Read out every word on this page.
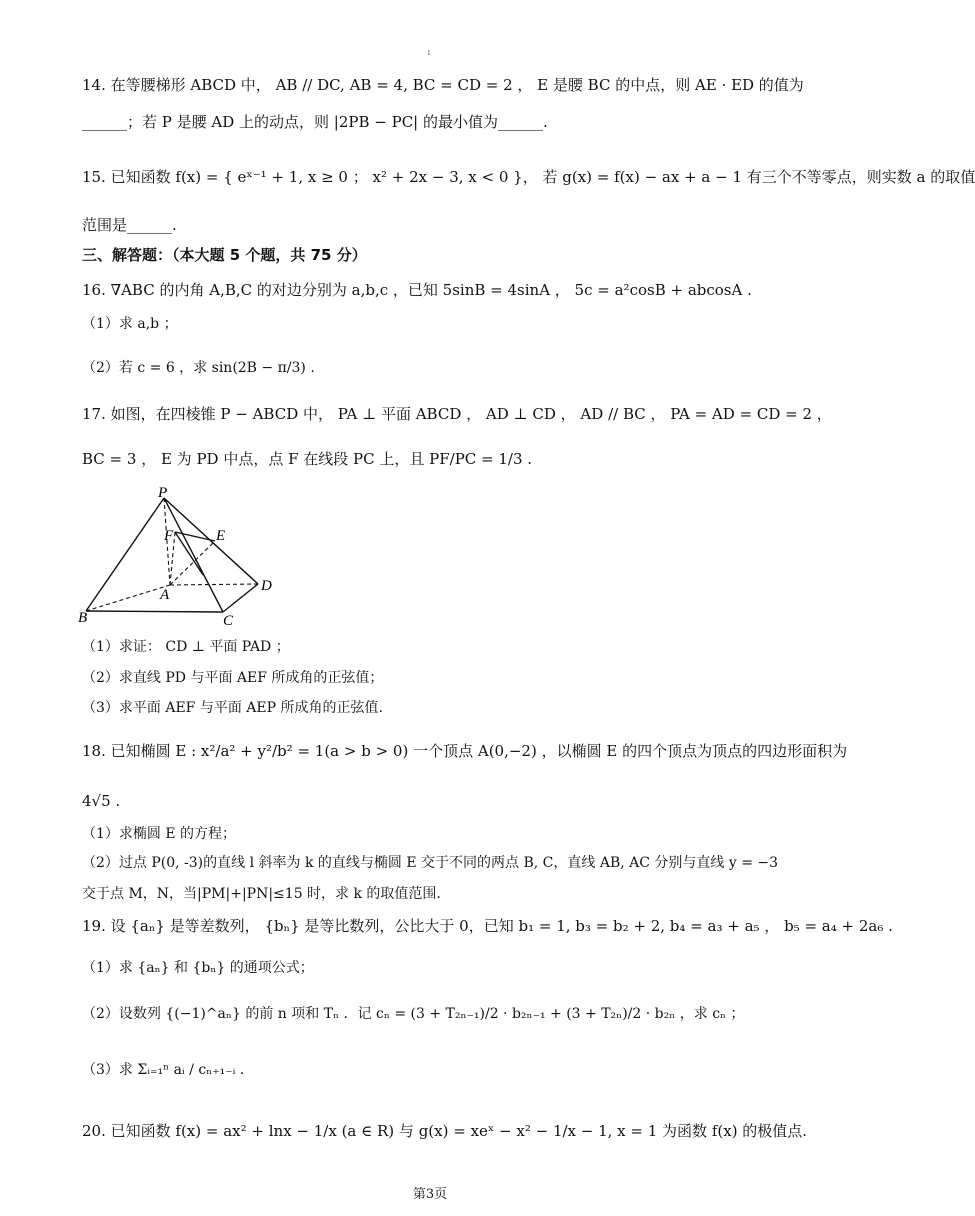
1
14. 在等腰梯形 ABCD 中， AB // DC, AB = 4, BC = CD = 2 ， E 是腰 BC 的中点，则 AE · ED 的值为
______；若 P 是腰 AD 上的动点，则 |2PB − PC| 的最小值为______.
15. 已知函数 f(x) = { eˣ⁻¹ + 1, x ≥ 0 ； x² + 2x − 3, x < 0 }， 若 g(x) = f(x) − ax + a − 1 有三个不等零点，则实数 a 的取值
范围是______.
三、解答题：（本大题 5 个题，共 75 分）
16. ∇ABC 的内角 A,B,C 的对边分别为 a,b,c ，已知 5sinB = 4sinA ， 5c = a²cosB + abcosA .
（1）求 a,b ；
（2）若 c = 6 ，求 sin(2B − π/3) .
17. 如图，在四棱锥 P − ABCD 中， PA ⊥ 平面 ABCD ， AD ⊥ CD ， AD // BC ， PA = AD = CD = 2 ，
BC = 3 ， E 为 PD 中点，点 F 在线段 PC 上，且 PF/PC = 1/3 .
P
F	E
A
D
B	C
（1）求证： CD ⊥ 平面 PAD ；
（2）求直线 PD 与平面 AEF 所成角的正弦值；
（3）求平面 AEF 与平面 AEP 所成角的正弦值.
18. 已知椭圆 E : x²/a² + y²/b² = 1(a > b > 0) 一个顶点 A(0,−2) ，以椭圆 E 的四个顶点为顶点的四边形面积为
4√5 .
（1）求椭圆 E 的方程；
（2）过点 P(0, -3)的直线 l 斜率为 k 的直线与椭圆 E 交于不同的两点 B, C，直线 AB, AC 分别与直线 y = −3
交于点 M，N，当|PM|+|PN|≤15 时，求 k 的取值范围.
19. 设 {aₙ} 是等差数列， {bₙ} 是等比数列，公比大于 0，已知 b₁ = 1, b₃ = b₂ + 2, b₄ = a₃ + a₅ ， b₅ = a₄ + 2a₆ .
（1）求 {aₙ} 和 {bₙ} 的通项公式；
（2）设数列 {(−1)^aₙ} 的前 n 项和 Tₙ ．记 cₙ = (3 + T₂ₙ₋₁)/2 · b₂ₙ₋₁ + (3 + T₂ₙ)/2 · b₂ₙ ，求 cₙ ；
（3）求 Σᵢ₌₁ⁿ aᵢ / cₙ₊₁₋ᵢ .
20. 已知函数 f(x) = ax² + lnx − 1/x (a ∈ R) 与 g(x) = xeˣ − x² − 1/x − 1, x = 1 为函数 f(x) 的极值点.
第3页
